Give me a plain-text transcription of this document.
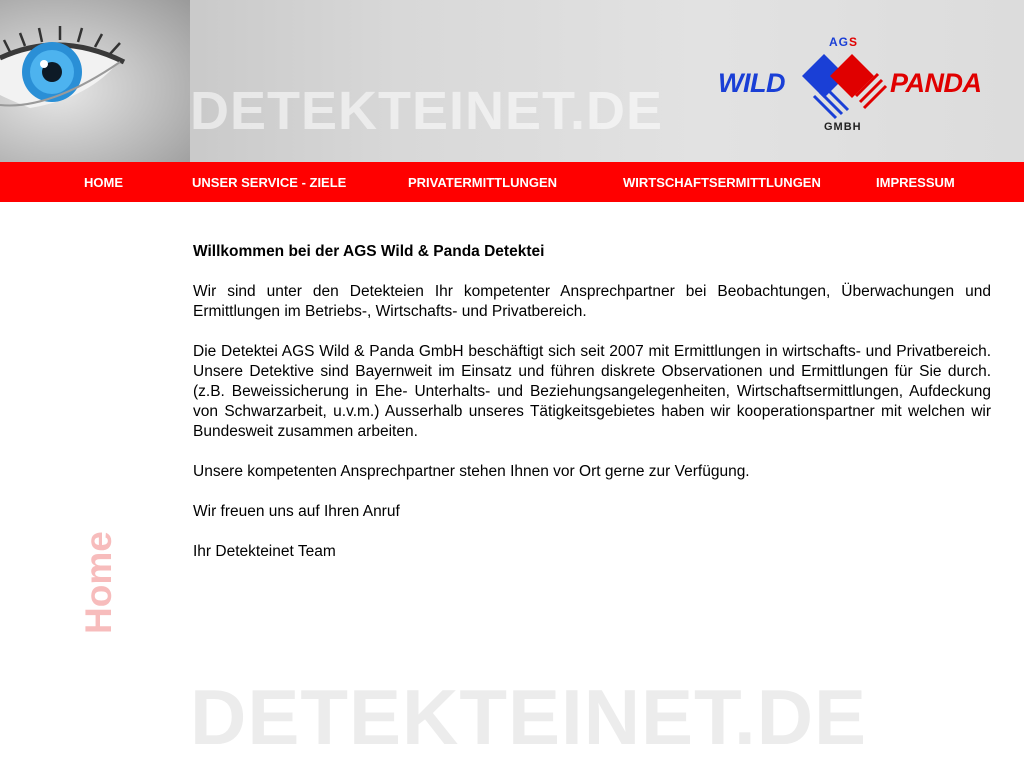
DETEKTEINET.DE
AGS
WILD	PANDA
GMBH
HOME	UNSER SERVICE - ZIELE	PRIVATERMITTLUNGEN	WIRTSCHAFTSERMITTLUNGEN	IMPRESSUM
Home
Willkommen bei der AGS Wild & Panda Detektei

Wir sind unter den Detekteien Ihr kompetenter Ansprechpartner bei Beobachtungen, Überwachungen und Ermittlungen im Betriebs-, Wirtschafts- und Privatbereich.

Die Detektei AGS Wild & Panda GmbH beschäftigt sich seit 2007 mit Ermittlungen in wirtschafts- und Privatbereich. Unsere Detektive sind Bayernweit im Einsatz und führen diskrete Observationen und Ermittlungen für Sie durch. (z.B. Beweissicherung in Ehe- Unterhalts- und Beziehungsangelegenheiten, Wirtschaftsermittlungen, Aufdeckung von Schwarzarbeit, u.v.m.) Ausserhalb unseres Tätigkeitsgebietes haben wir kooperationspartner mit welchen wir Bundesweit zusammen arbeiten.

Unsere kompetenten Ansprechpartner stehen Ihnen vor Ort gerne zur Verfügung.

Wir freuen uns auf Ihren Anruf

Ihr Detekteinet Team

DETEKTEINET.DE
